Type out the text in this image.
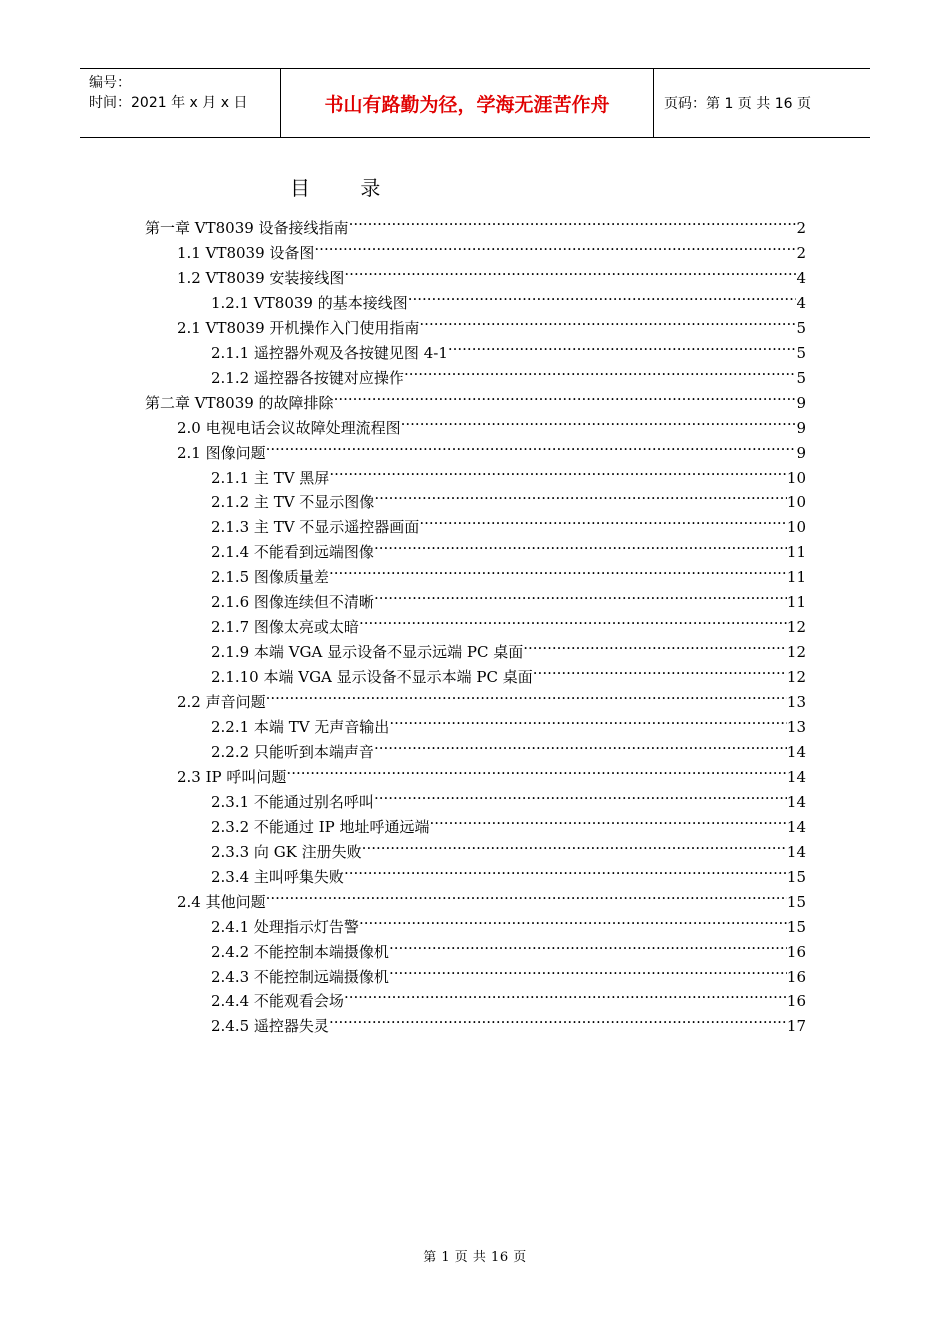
编号：
时间：2021 年 x 月 x 日	书山有路勤为径，学海无涯苦作舟	页码：第 1 页 共 16 页
目 录
第一章 VT8039 设备接线指南 .....	2
1.1 VT8039 设备图 .....	2
1.2 VT8039 安装接线图 .....	4
1.2.1 VT8039 的基本接线图 .....	4
2.1 VT8039 开机操作入门使用指南 .....	5
2.1.1 遥控器外观及各按键见图 4-1 .....	5
2.1.2 遥控器各按键对应操作 .....	5
第二章 VT8039 的故障排除 .....	9
2.0 电视电话会议故障处理流程图 .....	9
2.1 图像问题 .....	9
2.1.1 主 TV 黑屏 .....	10
2.1.2 主 TV 不显示图像 .....	10
2.1.3 主 TV 不显示遥控器画面 .....	10
2.1.4 不能看到远端图像 .....	11
2.1.5 图像质量差 .....	11
2.1.6 图像连续但不清晰 .....	11
2.1.7 图像太亮或太暗 .....	12
2.1.9 本端 VGA 显示设备不显示远端 PC 桌面 .....	12
2.1.10 本端 VGA 显示设备不显示本端 PC 桌面 .....	12
2.2 声音问题 .....	13
2.2.1 本端 TV 无声音输出 .....	13
2.2.2 只能听到本端声音 .....	14
2.3 IP 呼叫问题 .....	14
2.3.1 不能通过别名呼叫 .....	14
2.3.2 不能通过 IP 地址呼通远端 .....	14
2.3.3 向 GK 注册失败 .....	14
2.3.4 主叫呼集失败 .....	15
2.4 其他问题 .....	15
2.4.1 处理指示灯告警 .....	15
2.4.2 不能控制本端摄像机 .....	16
2.4.3 不能控制远端摄像机 .....	16
2.4.4 不能观看会场 .....	16
2.4.5 遥控器失灵 .....	17
第 1 页 共 16 页
